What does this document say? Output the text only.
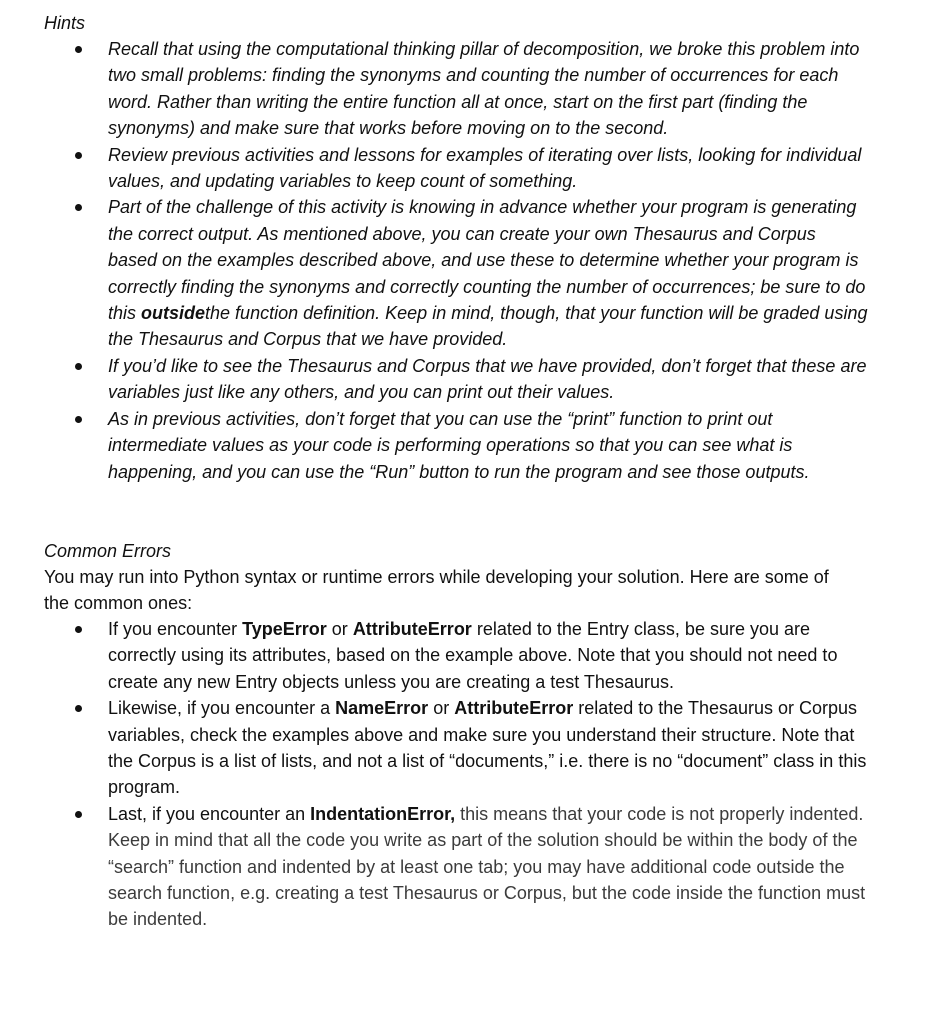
Hints
Recall that using the computational thinking pillar of decomposition, we broke this problem into two small problems: finding the synonyms and counting the number of occurrences for each word. Rather than writing the entire function all at once, start on the first part (finding the synonyms) and make sure that works before moving on to the second.
Review previous activities and lessons for examples of iterating over lists, looking for individual values, and updating variables to keep count of something.
Part of the challenge of this activity is knowing in advance whether your program is generating the correct output. As mentioned above, you can create your own Thesaurus and Corpus based on the examples described above, and use these to determine whether your program is correctly finding the synonyms and correctly counting the number of occurrences; be sure to do this outsidethe function definition. Keep in mind, though, that your function will be graded using the Thesaurus and Corpus that we have provided.
If you’d like to see the Thesaurus and Corpus that we have provided, don’t forget that these are variables just like any others, and you can print out their values.
As in previous activities, don’t forget that you can use the “print” function to print out intermediate values as your code is performing operations so that you can see what is happening, and you can use the “Run” button to run the program and see those outputs.
Common Errors

You may run into Python syntax or runtime errors while developing your solution. Here are some of the common ones:

If you encounter TypeError or AttributeError related to the Entry class, be sure you are correctly using its attributes, based on the example above. Note that you should not need to create any new Entry objects unless you are creating a test Thesaurus.
Likewise, if you encounter a NameError or AttributeError related to the Thesaurus or Corpus variables, check the examples above and make sure you understand their structure. Note that the Corpus is a list of lists, and not a list of “documents,” i.e. there is no “document” class in this program.
Last, if you encounter an IndentationError, this means that your code is not properly indented. Keep in mind that all the code you write as part of the solution should be within the body of the “search” function and indented by at least one tab; you may have additional code outside the search function, e.g. creating a test Thesaurus or Corpus, but the code inside the function must be indented.
